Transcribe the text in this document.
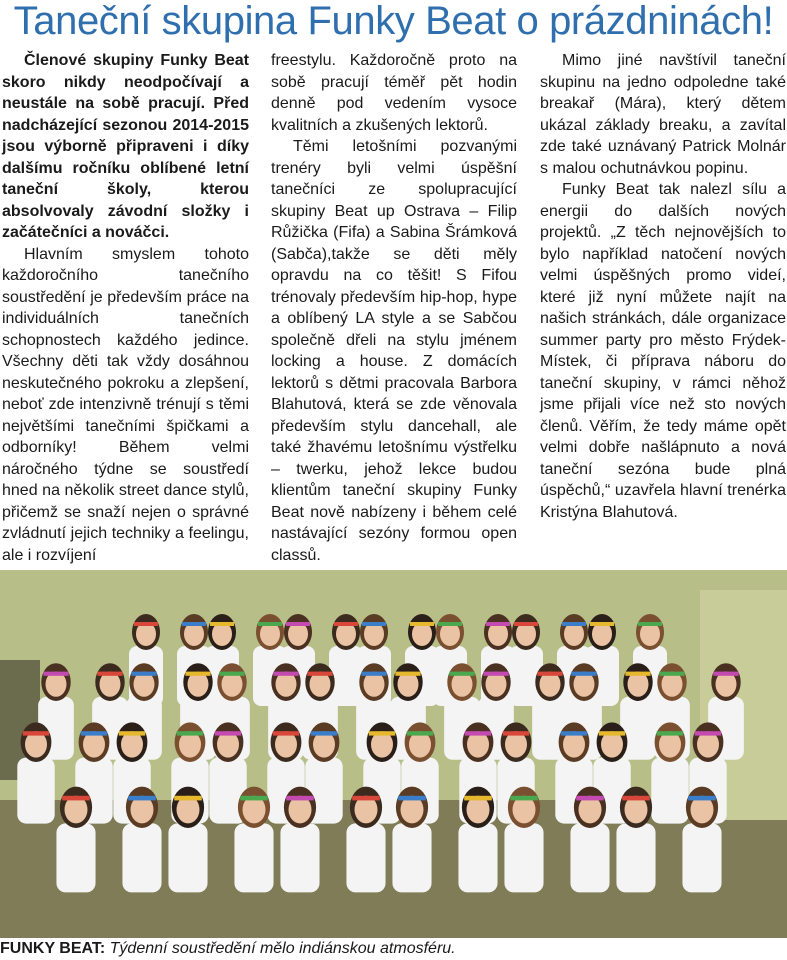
Taneční skupina Funky Beat o prázdninách!

Členové skupiny Funky Beat skoro nikdy neodpočívají a neustále na sobě pracují. Před nadcházející sezonou 2014-2015 jsou výborně připraveni i díky dalšímu ročníku oblíbené letní taneční školy, kterou absolvovaly závodní složky i začátečníci a nováčci.

Hlavním smyslem tohoto každoročního tanečního soustředění je především práce na individuálních tanečních schopnostech každého jedince. Všechny děti tak vždy dosáhnou neskutečného pokroku a zlepšení, neboť zde intenzivně trénují s těmi největšími tanečními špičkami a odborníky! Během velmi náročného týdne se soustředí hned na několik street dance stylů, přičemž se snaží nejen o správné zvládnutí jejich techniky a feelingu, ale i rozvíjení

freestylu. Každoročně proto na sobě pracují téměř pět hodin denně pod vedením vysoce kvalitních a zkušených lektorů.

Těmi letošními pozvanými trenéry byli velmi úspěšní tanečníci ze spolupracující skupiny Beat up Ostrava – Filip Růžička (Fifa) a Sabina Šrámková (Sabča),takže se děti měly opravdu na co těšit! S Fifou trénovaly především hip-hop, hype a oblíbený LA style a se Sabčou společně dřeli na stylu jménem locking a house. Z domácích lektorů s dětmi pracovala Barbora Blahutová, která se zde věnovala především stylu dancehall, ale také žhavému letošnímu výstřelku – twerku, jehož lekce budou klientům taneční skupiny Funky Beat nově nabízeny i během celé nastávající sezóny formou open classů.

Mimo jiné navštívil taneční skupinu na jedno odpoledne také breakař (Mára), který dětem ukázal základy breaku, a zavítal zde také uznávaný Patrick Molnár s malou ochutnávkou popinu.

Funky Beat tak nalezl sílu a energii do dalších nových projektů. „Z těch nejnovějších to bylo například natočení nových velmi úspěšných promo videí, které již nyní můžete najít na našich stránkách, dále organizace summer party pro město Frýdek-Místek, či příprava náboru do taneční skupiny, v rámci něhož jsme přijali více než sto nových členů. Věřím, že tedy máme opět velmi dobře našlápnuto a nová taneční sezóna bude plná úspěchů,“ uzavřela hlavní trenérka Kristýna Blahutová.

FUNKY BEAT: Týdenní soustředění mělo indiánskou atmosféru.
